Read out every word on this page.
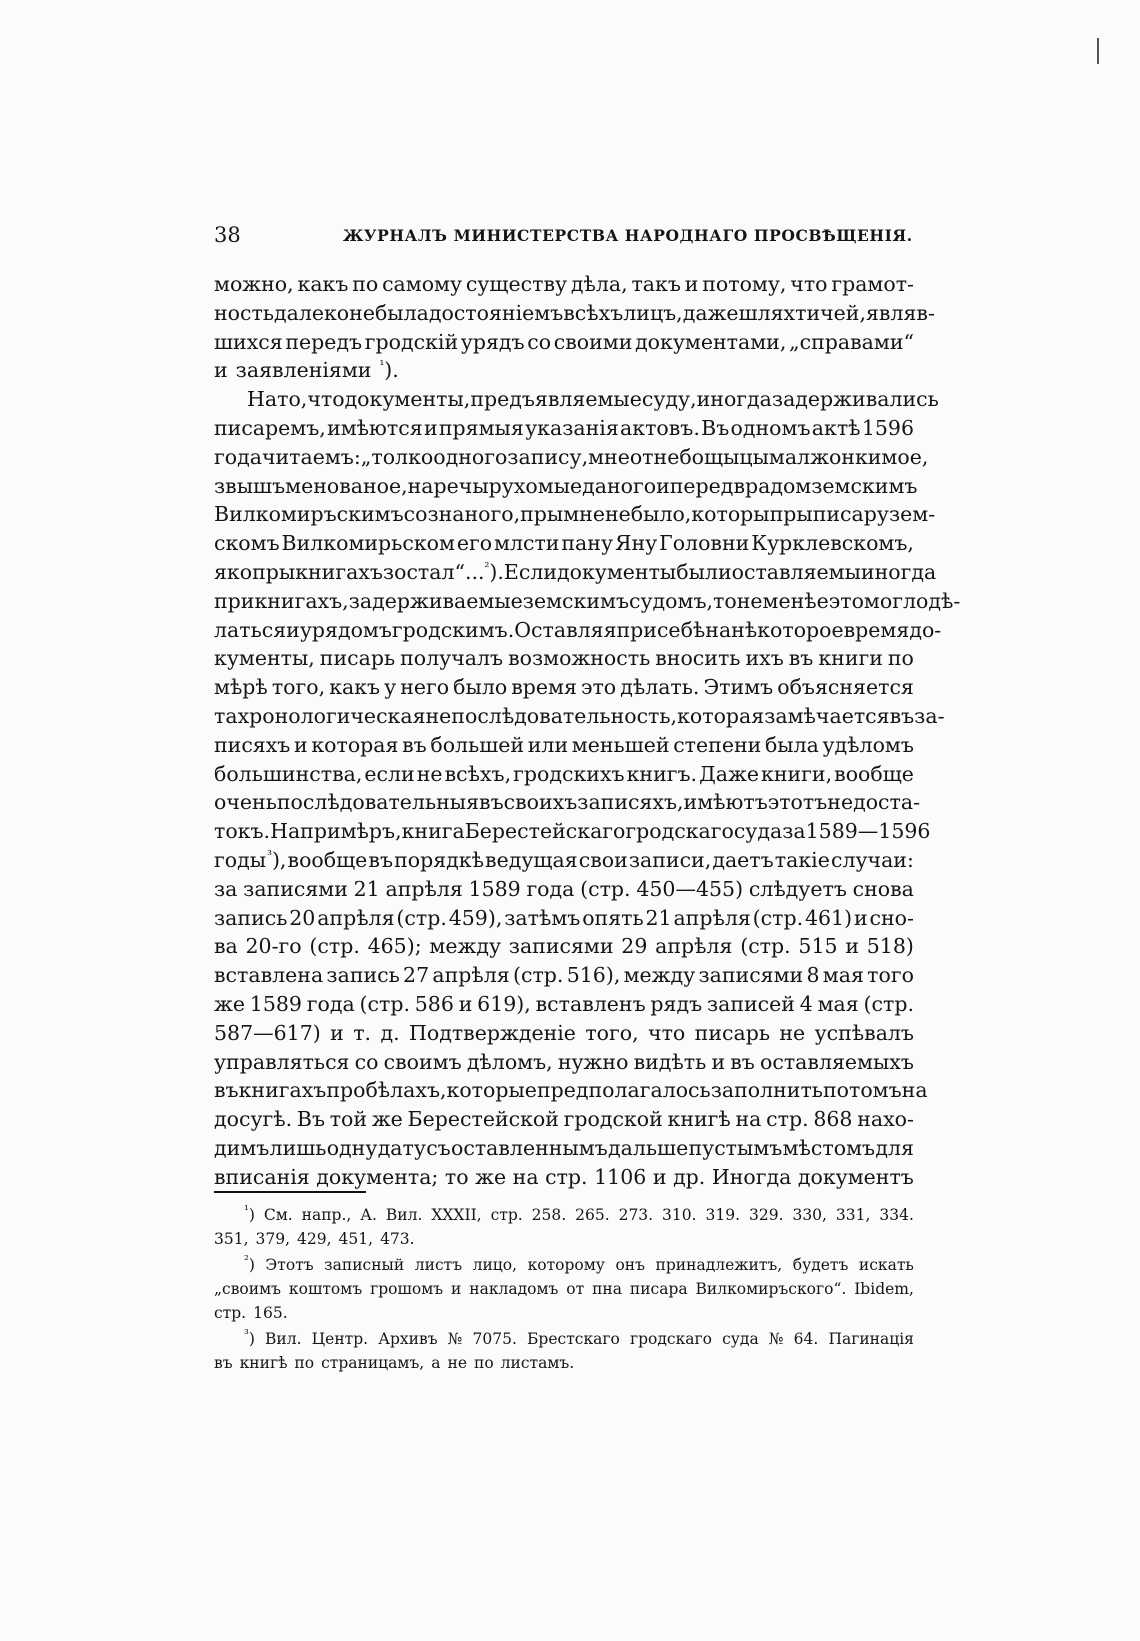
38	ЖУРНАЛЪ МИНИСТЕРСТВА НАРОДНАГО ПРОСВѢЩЕНІЯ.
можно, какъ по самому существу дѣла, такъ и потому, что грамот-
ность далеко не была достояніемъ всѣхъ лицъ, даже шляхтичей, являв-
шихся передъ гродскій урядъ со своими документами, „справами“
и заявленіями $^{^1}$).
На то, что документы, предъявляемые суду, иногда задерживались
писаремъ, имѣются и прямыя указанія актовъ. Въ одномъ актѣ 1596
года читаемъ: „толко одного запису, мне от небощыцы малжонки мое,
звышъ менованое, на речы рухомые даного и перед врадом земскимъ
Вилкомиръскимъ сознаного, пры мне не было, которы пры писару зем-
скомъ Вилкомирьском его млсти пану Яну Головни Курклевскомъ,
яко пры книгахъ зостал“... $^{^2}$). Если документы были оставляемы иногда
при книгахъ, задерживаемые земскимъ судомъ, то не менѣе это могло дѣ-
латься и урядомъ гродскимъ. Оставляя при себѣ на нѣкоторое время до-
кументы, писарь получалъ возможность вносить ихъ въ книги по
мѣрѣ того, какъ у него было время это дѣлать. Этимъ объясняется
та хронологическая непослѣдовательность, которая замѣчается въ за-
писяхъ и которая въ большей или меньшей степени была удѣломъ
большинства, если не всѣхъ, гродскихъ книгъ. Даже книги, вообще
очень послѣдовательныя въ своихъ записяхъ, имѣютъ этотъ недоста-
токъ. Напримѣръ, книга Берестейскаго гродскаго суда за 1589—1596
годы $^{^3}$), вообще въ порядкѣ ведущая свои записи, даетъ такіе случаи:
за записями 21 апрѣля 1589 года (стр. 450—455) слѣдуетъ снова
запись 20 апрѣля (стр. 459), затѣмъ опять 21 апрѣля (стр. 461) и сно-
ва 20-го (стр. 465); между записями 29 апрѣля (стр. 515 и 518)
вставлена запись 27 апрѣля (стр. 516), между записями 8 мая того
же 1589 года (стр. 586 и 619), вставленъ рядъ записей 4 мая (стр.
587—617) и т. д. Подтвержденіе того, что писарь не успѣвалъ
управляться со своимъ дѣломъ, нужно видѣть и въ оставляемыхъ
въ книгахъ пробѣлахъ, которые предполагалось заполнить потомъ на
досугѣ. Въ той же Берестейской гродской книгѣ на стр. 868 нахо-
димъ лишь одну дату съ оставленнымъ дальше пустымъ мѣстомъ для
вписанія документа; то же на стр. 1106 и др. Иногда документъ
$^{^1}$) См. напр., А. Вил. XXXII, стр. 258. 265. 273. 310. 319. 329. 330, 331, 334.
351, 379, 429, 451, 473.
$^{^2}$) Этотъ записный листъ лицо, которому онъ принадлежитъ, будетъ искать
„своимъ коштомъ грошомъ и накладомъ от пна писара Вилкомиръского“. Ibidem,
стр. 165.
$^{^3}$) Вил. Центр. Архивъ № 7075. Брестскаго гродскаго суда № 64. Пагинація
въ книгѣ по страницамъ, а не по листамъ.
